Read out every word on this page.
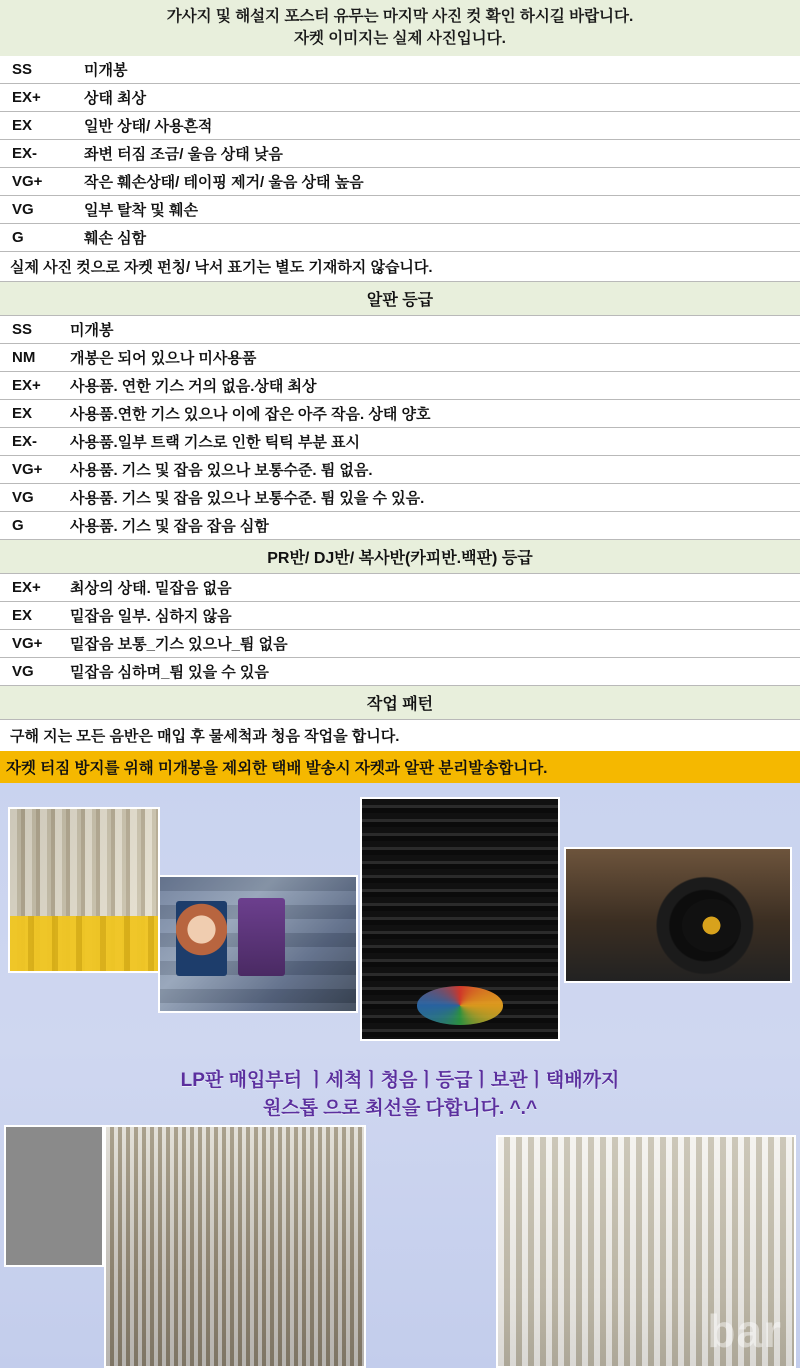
가사지 및 해설지 포스터 유무는 마지막 사진 컷 확인 하시길 바랍니다.
자켓 이미지는 실제 사진입니다.
SS	미개봉
EX+	상태 최상
EX	일반 상태/ 사용흔적
EX-	좌변 터짐 조금/ 울음 상태 낮음
VG+	작은 훼손상태/ 테이핑 제거/ 울음 상태 높음
VG	일부 탈착 및 훼손
G	훼손 심함
실제 사진 컷으로 자켓 펀칭/ 낙서 표기는 별도 기재하지 않습니다.
알판 등급
SS	미개봉
NM	개봉은 되어 있으나 미사용품
EX+	사용품. 연한 기스 거의 없음.상태 최상
EX	사용품.연한 기스 있으나 이에 잡은 아주 작음. 상태 양호
EX-	사용품.일부 트랙 기스로 인한 틱틱 부분 표시
VG+	사용품. 기스 및 잡음 있으나 보통수준. 튐 없음.
VG	사용품. 기스 및 잡음 있으나 보통수준. 튐 있을 수 있음.
G	사용품. 기스 및 잡음 잡음 심함
PR반/ DJ반/ 복사반(카피반.백판) 등급
EX+	최상의 상태. 밑잡음 없음
EX	밑잡음 일부. 심하지 않음
VG+	밑잡음 보통_기스 있으나_튐 없음
VG	밑잡음 심하며_튐 있을 수 있음
작업 패턴
구해 지는 모든 음반은 매입 후 물세척과 청음 작업을 합니다.
자켓 터짐 방지를 위해 미개봉을 제외한 택배 발송시 자켓과 알판 분리발송합니다.
LP판 매입부터 ㅣ세척ㅣ청음ㅣ등급ㅣ보관ㅣ택배까지
원스톱 으로 최선을 다합니다. ^.^
bar
